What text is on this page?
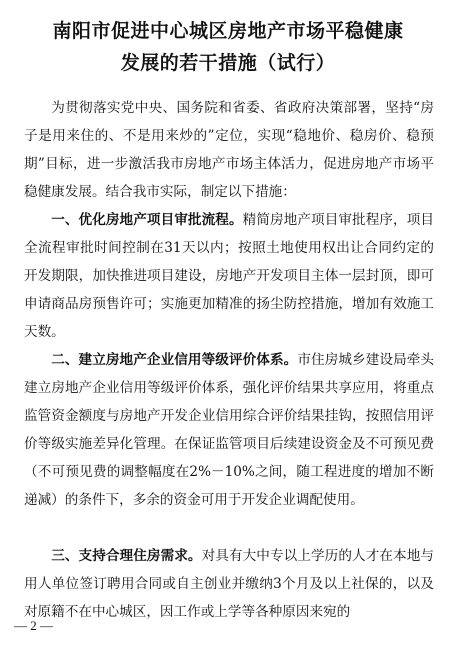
南阳市促进中心城区房地产市场平稳健康
发展的若干措施（试行）
为贯彻落实党中央、国务院和省委、省政府决策部署，坚持“房子是用来住的、不是用来炒的”定位，实现“稳地价、稳房价、稳预期”目标，进一步激活我市房地产市场主体活力，促进房地产市场平稳健康发展。结合我市实际，制定以下措施：
一、优化房地产项目审批流程。精简房地产项目审批程序，项目全流程审批时间控制在31天以内；按照土地使用权出让合同约定的开发期限，加快推进项目建设，房地产开发项目主体一层封顶，即可申请商品房预售许可；实施更加精准的扬尘防控措施，增加有效施工天数。
二、建立房地产企业信用等级评价体系。市住房城乡建设局牵头建立房地产企业信用等级评价体系，强化评价结果共享应用，将重点监管资金额度与房地产开发企业信用综合评价结果挂钩，按照信用评价等级实施差异化管理。在保证监管项目后续建设资金及不可预见费（不可预见费的调整幅度在2%－10%之间，随工程进度的增加不断递减）的条件下，多余的资金可用于开发企业调配使用。
三、支持合理住房需求。对具有大中专以上学历的人才在本地与用人单位签订聘用合同或自主创业并缴纳3个月及以上社保的，以及对原籍不在中心城区，因工作或上学等各种原因来宛的
— 2 —
